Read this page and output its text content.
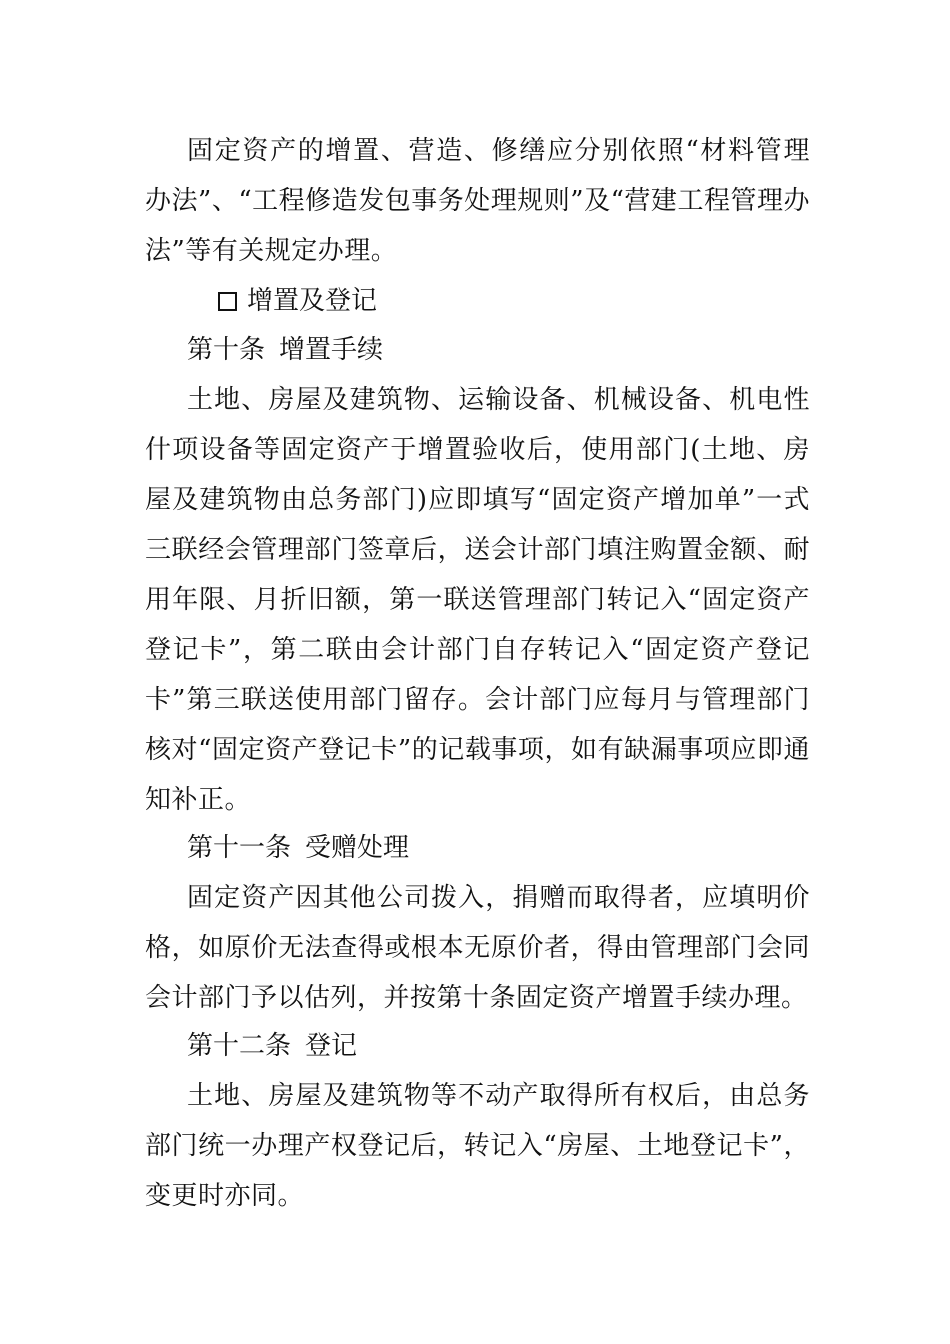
固定资产的增置、营造、修缮应分别依照“材料管理办法”、“工程修造发包事务处理规则”及“营建工程管理办法”等有关规定办理。

增置及登记
第十条 增置手续

土地、房屋及建筑物、运输设备、机械设备、机电性什项设备等固定资产于增置验收后，使用部门(土地、房屋及建筑物由总务部门)应即填写“固定资产增加单”一式三联经会管理部门签章后，送会计部门填注购置金额、耐用年限、月折旧额，第一联送管理部门转记入“固定资产登记卡”，第二联由会计部门自存转记入“固定资产登记卡”第三联送使用部门留存。会计部门应每月与管理部门核对“固定资产登记卡”的记载事项，如有缺漏事项应即通知补正。

第十一条 受赠处理

固定资产因其他公司拨入，捐赠而取得者，应填明价格，如原价无法查得或根本无原价者，得由管理部门会同会计部门予以估列，并按第十条固定资产增置手续办理。

第十二条 登记

土地、房屋及建筑物等不动产取得所有权后，由总务部门统一办理产权登记后，转记入“房屋、土地登记卡”，变更时亦同。
